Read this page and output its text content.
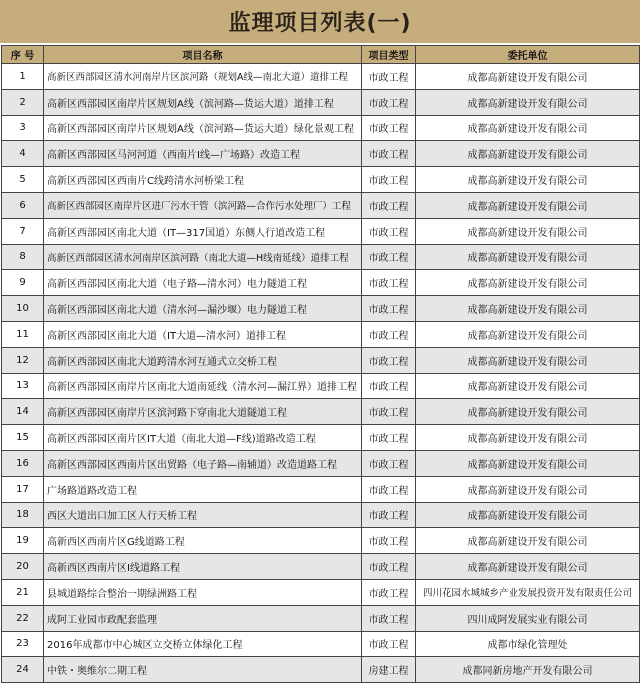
监理项目列表(一)
序 号	项目名称	项目类型	委托单位
1	高新区西部园区清水河南岸片区滨河路（规划A线—南北大道）道排工程	市政工程	成都高新建设开发有限公司
2	高新区西部园区南岸片区规划A线（滨河路—货运大道）道排工程	市政工程	成都高新建设开发有限公司
3	高新区西部园区南岸片区规划A线（滨河路—货运大道）绿化景观工程	市政工程	成都高新建设开发有限公司
4	高新区西部园区马河河道（西南片I线—广场路）改造工程	市政工程	成都高新建设开发有限公司
5	高新区西部园区西南片C线跨清水河桥梁工程	市政工程	成都高新建设开发有限公司
6	高新区西部园区南岸片区进厂污水干管（滨河路—合作污水处理厂）工程	市政工程	成都高新建设开发有限公司
7	高新区西部园区南北大道（IT—317国道）东侧人行道改造工程	市政工程	成都高新建设开发有限公司
8	高新区西部园区清水河南岸区滨河路（南北大道—H线南延线）道排工程	市政工程	成都高新建设开发有限公司
9	高新区西部园区南北大道（电子路—清水河）电力隧道工程	市政工程	成都高新建设开发有限公司
10	高新区西部园区南北大道（清水河—漏沙堰）电力隧道工程	市政工程	成都高新建设开发有限公司
11	高新区西部园区南北大道（IT大道—清水河）道排工程	市政工程	成都高新建设开发有限公司
12	高新区西部园区南北大道跨清水河互通式立交桥工程	市政工程	成都高新建设开发有限公司
13	高新区西部园区南岸片区南北大道南延线（清水河—漏江界）道排工程	市政工程	成都高新建设开发有限公司
14	高新区西部园区南岸片区滨河路下穿南北大道隧道工程	市政工程	成都高新建设开发有限公司
15	高新区西部园区南片区IT大道（南北大道—F线)道路改造工程	市政工程	成都高新建设开发有限公司
16	高新区西部园区西南片区出贸路（电子路—南辅道）改造道路工程	市政工程	成都高新建设开发有限公司
17	广场路道路改造工程	市政工程	成都高新建设开发有限公司
18	西区大道出口加工区人行天桥工程	市政工程	成都高新建设开发有限公司
19	高新西区西南片区G线道路工程	市政工程	成都高新建设开发有限公司
20	高新西区西南片区I线道路工程	市政工程	成都高新建设开发有限公司
21	县城道路综合整治一期绿洲路工程	市政工程	四川花园水城城乡产业发展投资开发有限责任公司
22	成阿工业园市政配套监理	市政工程	四川成阿发展实业有限公司
23	2016年成都市中心城区立交桥立体绿化工程	市政工程	成都市绿化管理处
24	中铁・奥维尔二期工程	房建工程	成都同新房地产开发有限公司
